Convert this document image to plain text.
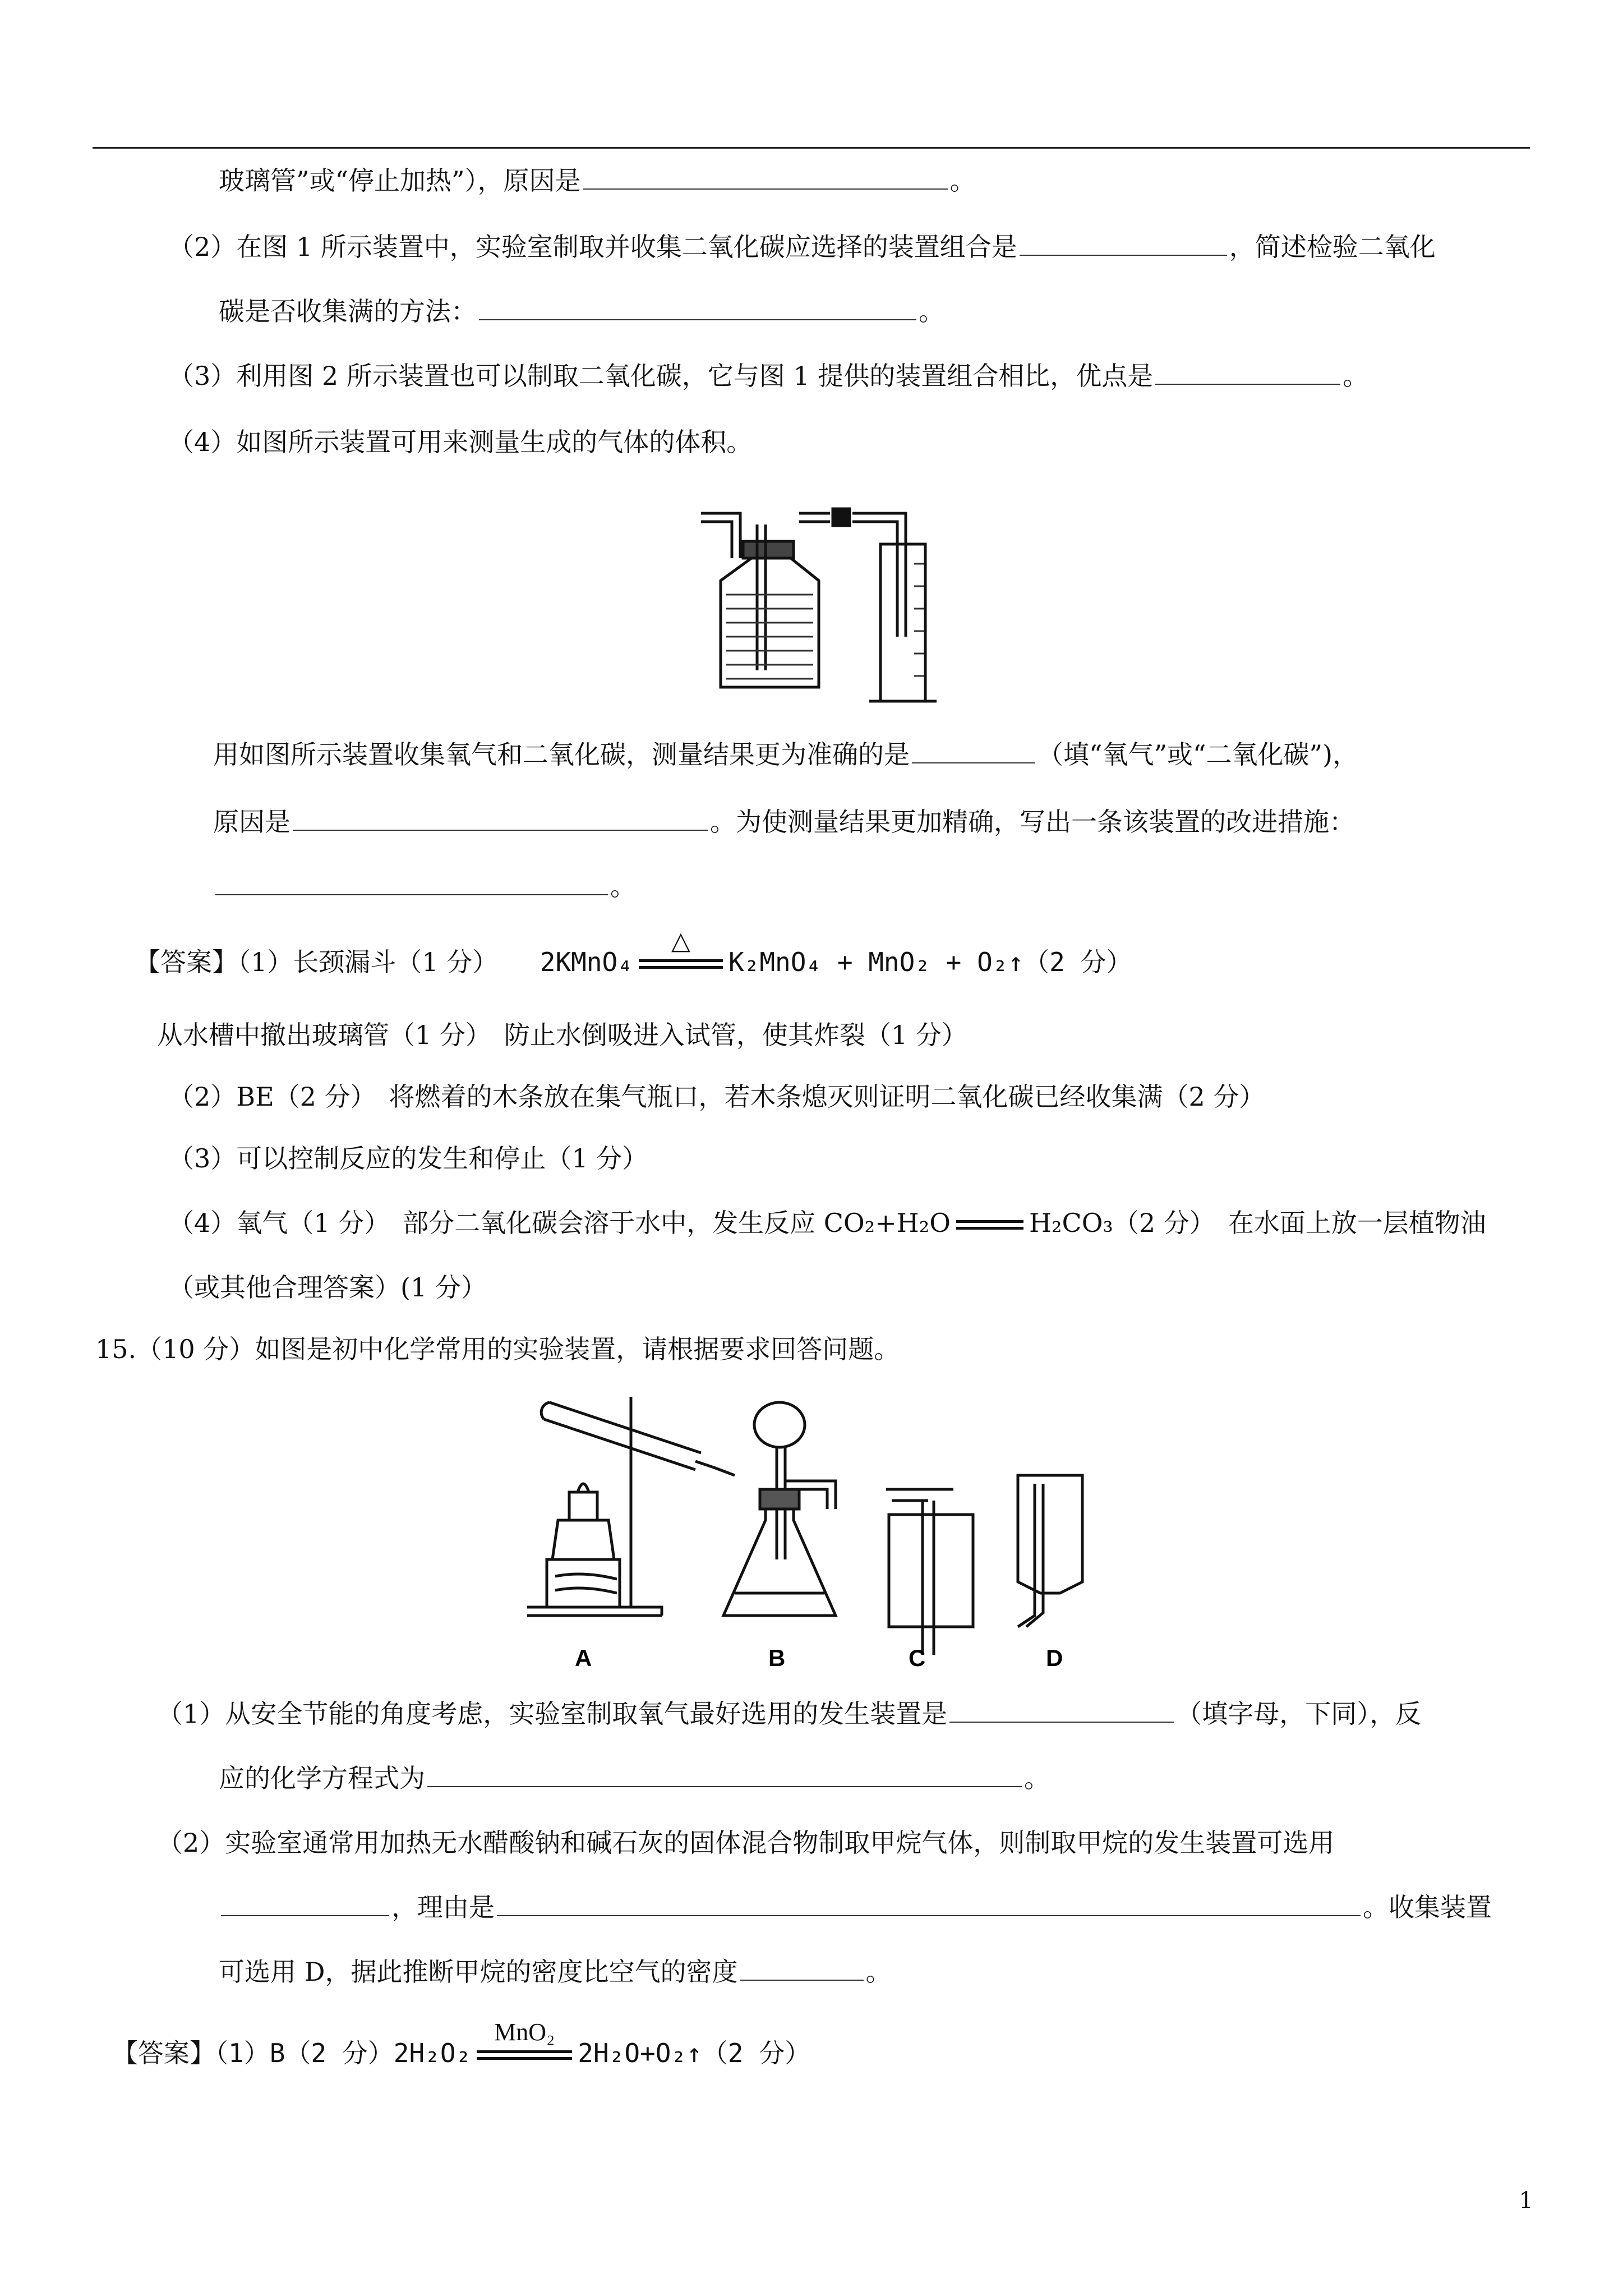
玻璃管”或“停止加热”），原因是	。
（2）在图 1 所示装置中，实验室制取并收集二氧化碳应选择的装置组合是	，简述检验二氧化
碳是否收集满的方法：	。
（3）利用图 2 所示装置也可以制取二氧化碳，它与图 1 提供的装置组合相比，优点是	。
（4）如图所示装置可用来测量生成的气体的体积。
用如图所示装置收集氧气和二氧化碳，测量结果更为准确的是	（填“氧气”或“二氧化碳”)，
原因是	。为使测量结果更加精确，写出一条该装置的改进措施：
。
【答案】（1）长颈漏斗（1 分） 2KMnO₄
△
K₂MnO₄ + MnO₂ + O₂↑（2 分）
从水槽中撤出玻璃管（1 分）　防止水倒吸进入试管，使其炸裂（1 分）
（2）BE（2 分）　将燃着的木条放在集气瓶口，若木条熄灭则证明二氧化碳已经收集满（2 分）
（3）可以控制反应的发生和停止（1 分）
（4）氧气（1 分）　部分二氧化碳会溶于水中，发生反应 CO₂+H₂O	H₂CO₃（2 分）　在水面上放一层植物油
（或其他合理答案）(1 分）
15.（10 分）如图是初中化学常用的实验装置，请根据要求回答问题。
A	B	C	D
（1）从安全节能的角度考虑，实验室制取氧气最好选用的发生装置是	（填字母，下同），反
应的化学方程式为	。
（2）实验室通常用加热无水醋酸钠和碱石灰的固体混合物制取甲烷气体，则制取甲烷的发生装置可选用
，理由是	。收集装置
可选用 D，据此推断甲烷的密度比空气的密度	。
【答案】（1）B（2 分）2H₂O₂
MnO₂
2H₂O+O₂↑（2 分）
1
